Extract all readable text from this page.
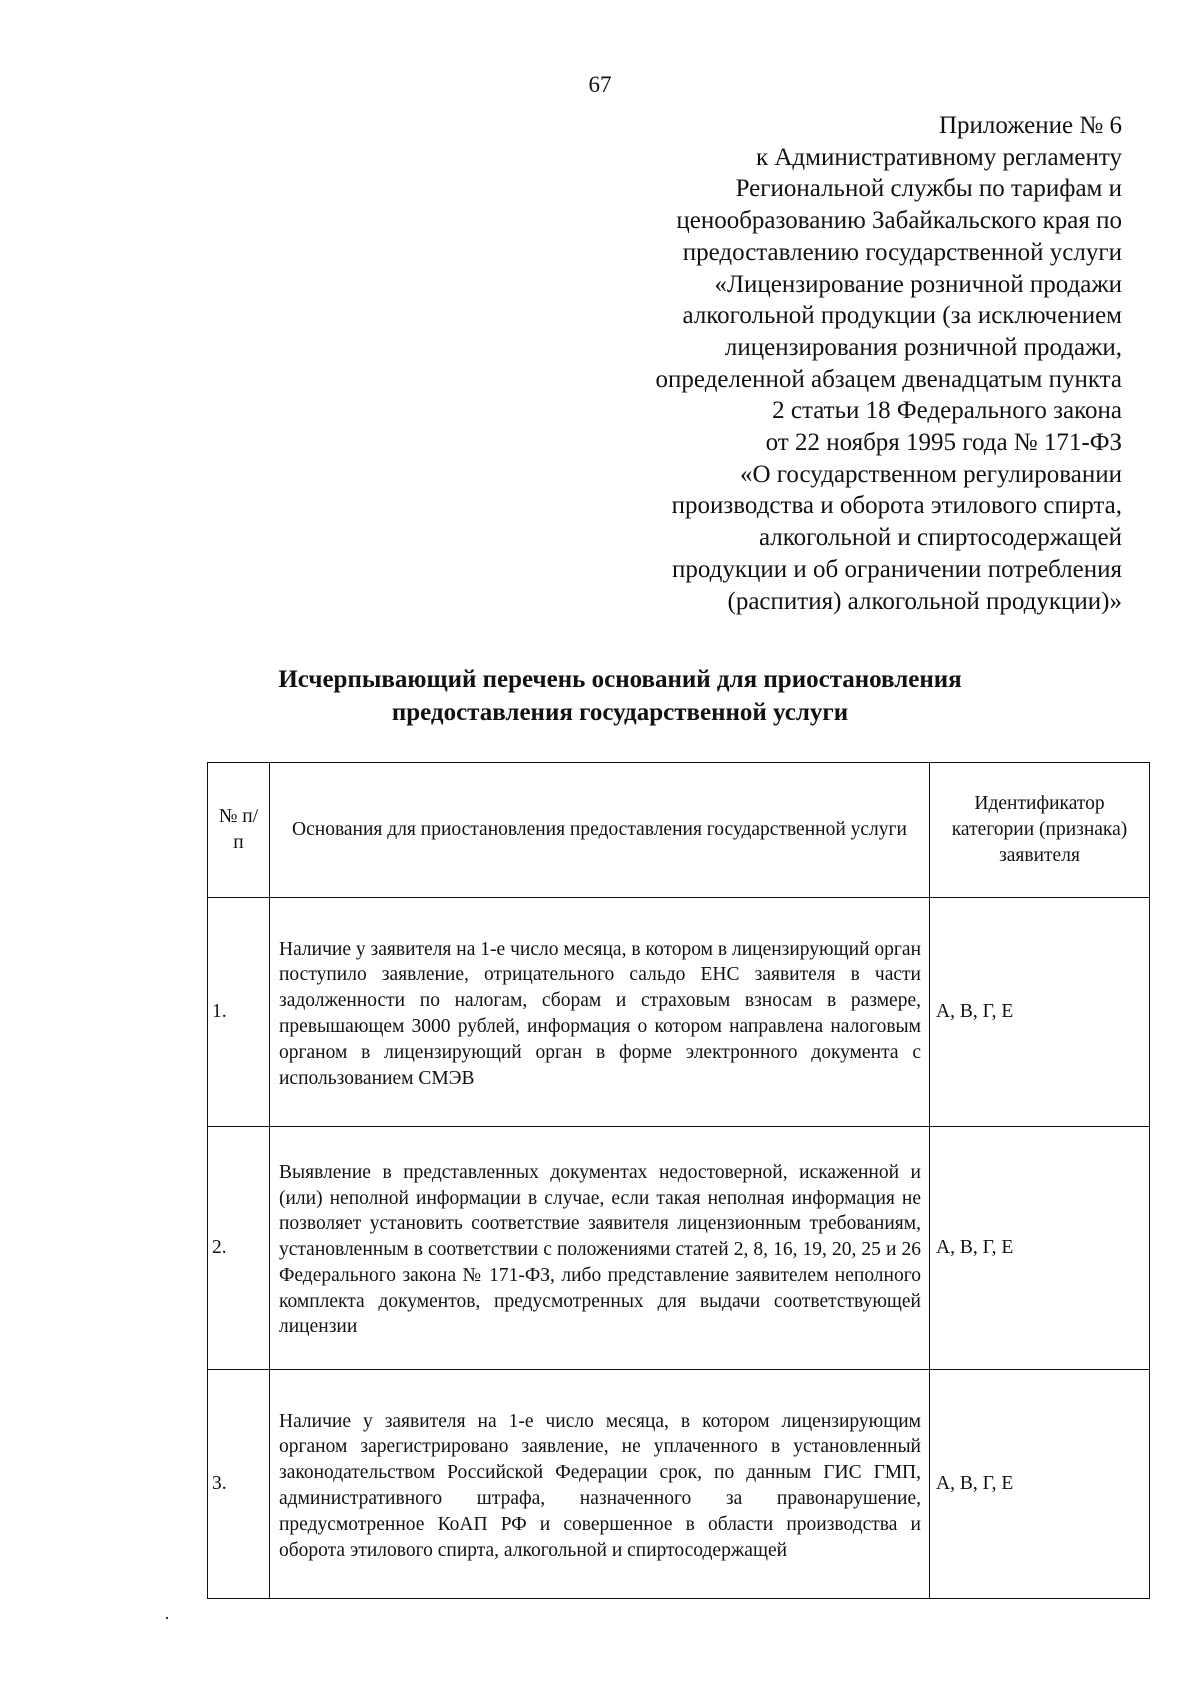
67
Приложение № 6
к Административному регламенту
Региональной службы по тарифам и
ценообразованию Забайкальского края по
предоставлению государственной услуги
«Лицензирование розничной продажи
алкогольной продукции (за исключением
лицензирования розничной продажи,
определенной абзацем двенадцатым пункта
2 статьи 18 Федерального закона
от 22 ноября 1995 года № 171-ФЗ
«О государственном регулировании
производства и оборота этилового спирта,
алкогольной и спиртосодержащей
продукции и об ограничении потребления
(распития) алкогольной продукции)»
Исчерпывающий перечень оснований для приостановления
предоставления государственной услуги
№ п/п	Основания для приостановления предоставления государственной услуги	Идентификатор категории (признака) заявителя
1.	Наличие у заявителя на 1-е число месяца, в котором в лицензирующий орган поступило заявление, отрицательного сальдо ЕНС заявителя в части задолженности по налогам, сборам и страховым взносам в размере, превышающем 3000 рублей, информация о котором направлена налоговым органом в лицензирующий орган в форме электронного документа с использованием СМЭВ	А, В, Г, Е
2.	Выявление в представленных документах недостоверной, искаженной и (или) неполной информации в случае, если такая неполная информация не позволяет установить соответствие заявителя лицензионным требованиям, установленным в соответствии с положениями статей 2, 8, 16, 19, 20, 25 и 26 Федерального закона № 171-ФЗ, либо представление заявителем неполного комплекта документов, предусмотренных для выдачи соответствующей лицензии	А, В, Г, Е
3.	Наличие у заявителя на 1-е число месяца, в котором лицензирующим органом зарегистрировано заявление, не уплаченного в установленный законодательством Российской Федерации срок, по данным ГИС ГМП, административного штрафа, назначенного за правонарушение, предусмотренное КоАП РФ и совершенное в области производства и оборота этилового спирта, алкогольной и спиртосодержащей	А, В, Г, Е
